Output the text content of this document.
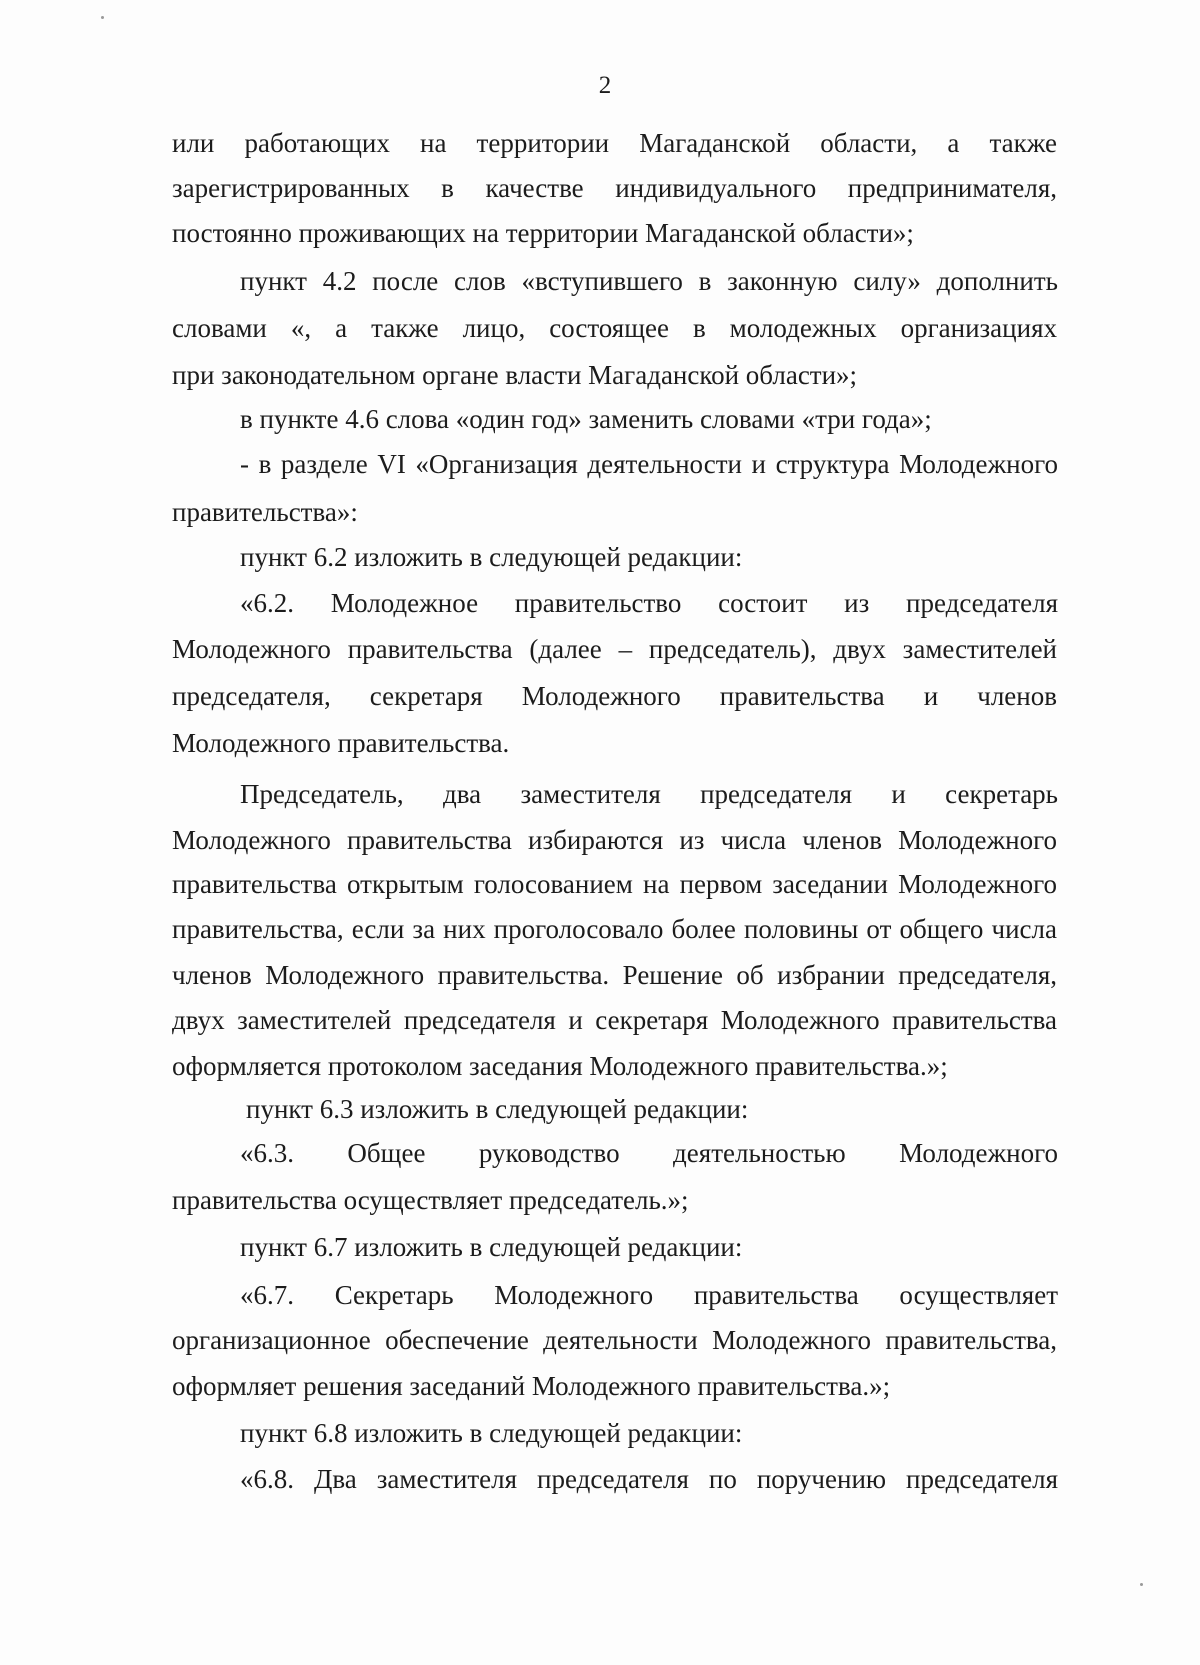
2
или работающих на территории Магаданской области, а также
зарегистрированных в качестве индивидуального предпринимателя,
постоянно проживающих на территории Магаданской области»;
пункт 4.2 после слов «вступившего в законную силу» дополнить
словами «, а также лицо, состоящее в молодежных организациях
при законодательном органе власти Магаданской области»;
в пункте 4.6 слова «один год» заменить словами «три года»;
- в разделе VI «Организация деятельности и структура Молодежного
правительства»:
пункт 6.2 изложить в следующей редакции:
«6.2. Молодежное правительство состоит из председателя
Молодежного правительства (далее – председатель), двух заместителей
председателя, секретаря Молодежного правительства и членов
Молодежного правительства.
Председатель, два заместителя председателя и секретарь
Молодежного правительства избираются из числа членов Молодежного
правительства открытым голосованием на первом заседании Молодежного
правительства, если за них проголосовало более половины от общего числа
членов Молодежного правительства. Решение об избрании председателя,
двух заместителей председателя и секретаря Молодежного правительства
оформляется протоколом заседания Молодежного правительства.»;
пункт 6.3 изложить в следующей редакции:
«6.3. Общее руководство деятельностью Молодежного
правительства осуществляет председатель.»;
пункт 6.7 изложить в следующей редакции:
«6.7. Секретарь Молодежного правительства осуществляет
организационное обеспечение деятельности Молодежного правительства,
оформляет решения заседаний Молодежного правительства.»;
пункт 6.8 изложить в следующей редакции:
«6.8. Два заместителя председателя по поручению председателя
